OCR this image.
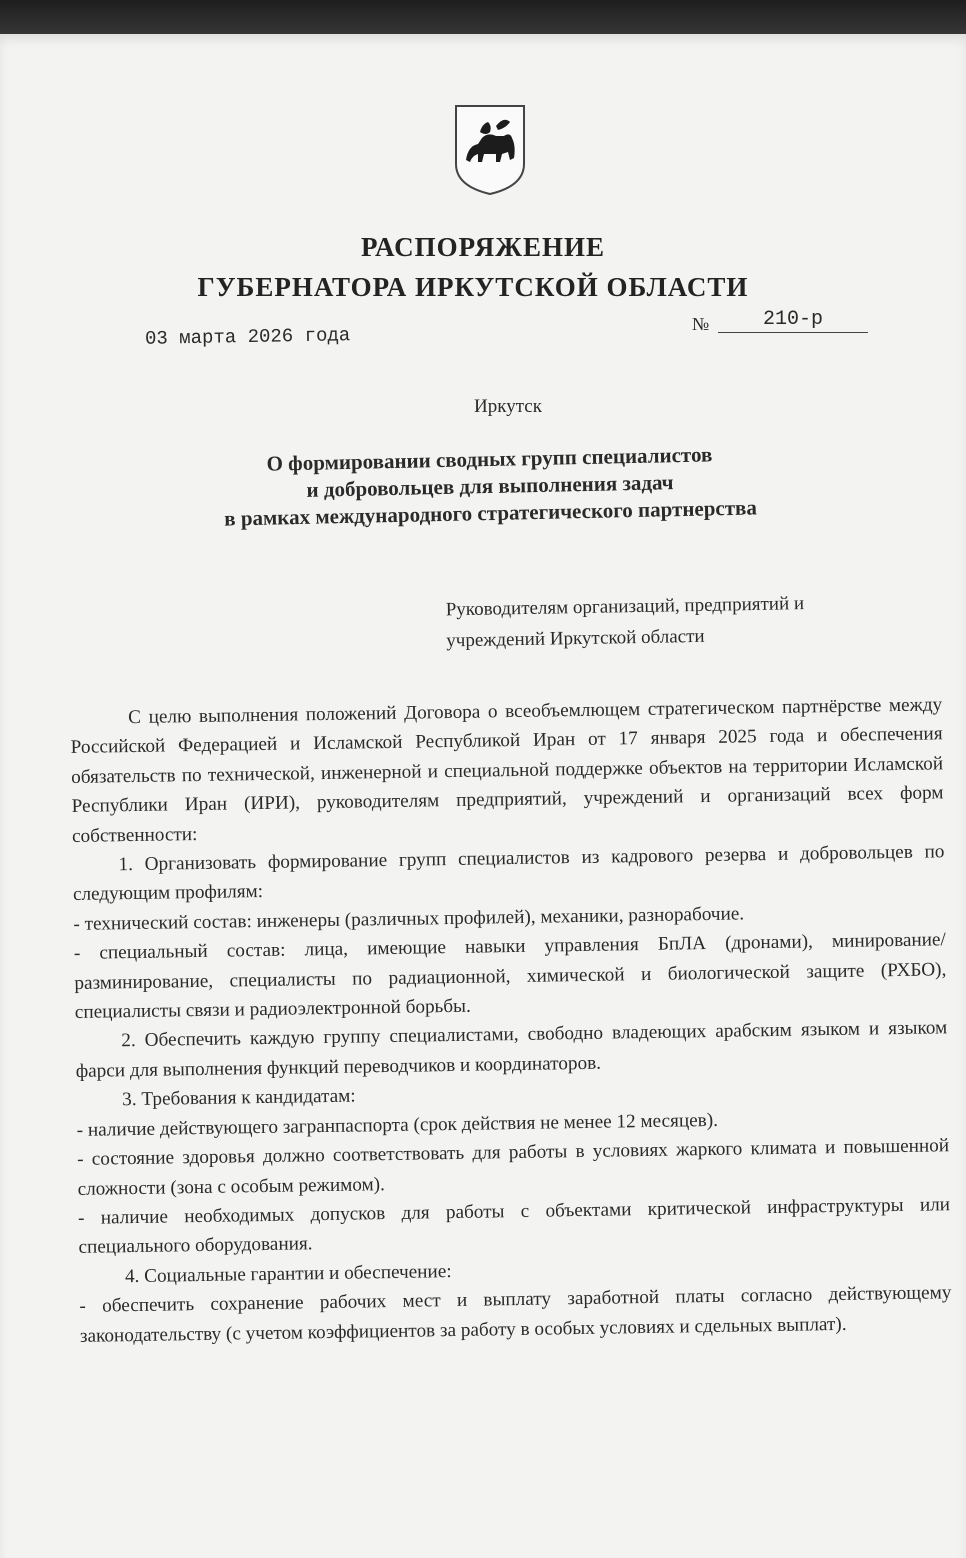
РАСПОРЯЖЕНИЕ
ГУБЕРНАТОРА ИРКУТСКОЙ ОБЛАСТИ
03 марта 2026 года
№	210-р
Иркутск
О формировании сводных групп специалистов
и добровольцев для выполнения задач
в рамках международного стратегического партнерства
Руководителям организаций, предприятий и
учреждений Иркутской области

С целю выполнения положений Договора о всеобъемлющем стратегическом партнёрстве между Российской Федерацией и Исламской Республикой Иран от 17 января 2025 года и обеспечения обязательств по технической, инженерной и специальной поддержке объектов на территории Исламской Республики Иран (ИРИ), руководителям предприятий, учреждений и организаций всех форм собственности:

1. Организовать формирование групп специалистов из кадрового резерва и добровольцев по следующим профилям:

- технический состав: инженеры (различных профилей), механики, разнорабочие.

- специальный состав: лица, имеющие навыки управления БпЛА (дронами), минирование/разминирование, специалисты по радиационной, химической и биологической защите (РХБО), специалисты связи и радиоэлектронной борьбы.

2. Обеспечить каждую группу специалистами, свободно владеющих арабским языком и языком фарси для выполнения функций переводчиков и координаторов.

3. Требования к кандидатам:

- наличие действующего загранпаспорта (срок действия не менее 12 месяцев).

- состояние здоровья должно соответствовать для работы в условиях жаркого климата и повышенной сложности (зона с особым режимом).

- наличие необходимых допусков для работы с объектами критической инфраструктуры или специального оборудования.

4. Социальные гарантии и обеспечение:

- обеспечить сохранение рабочих мест и выплату заработной платы согласно действующему законодательству (с учетом коэффициентов за работу в особых условиях и сдельных выплат).
